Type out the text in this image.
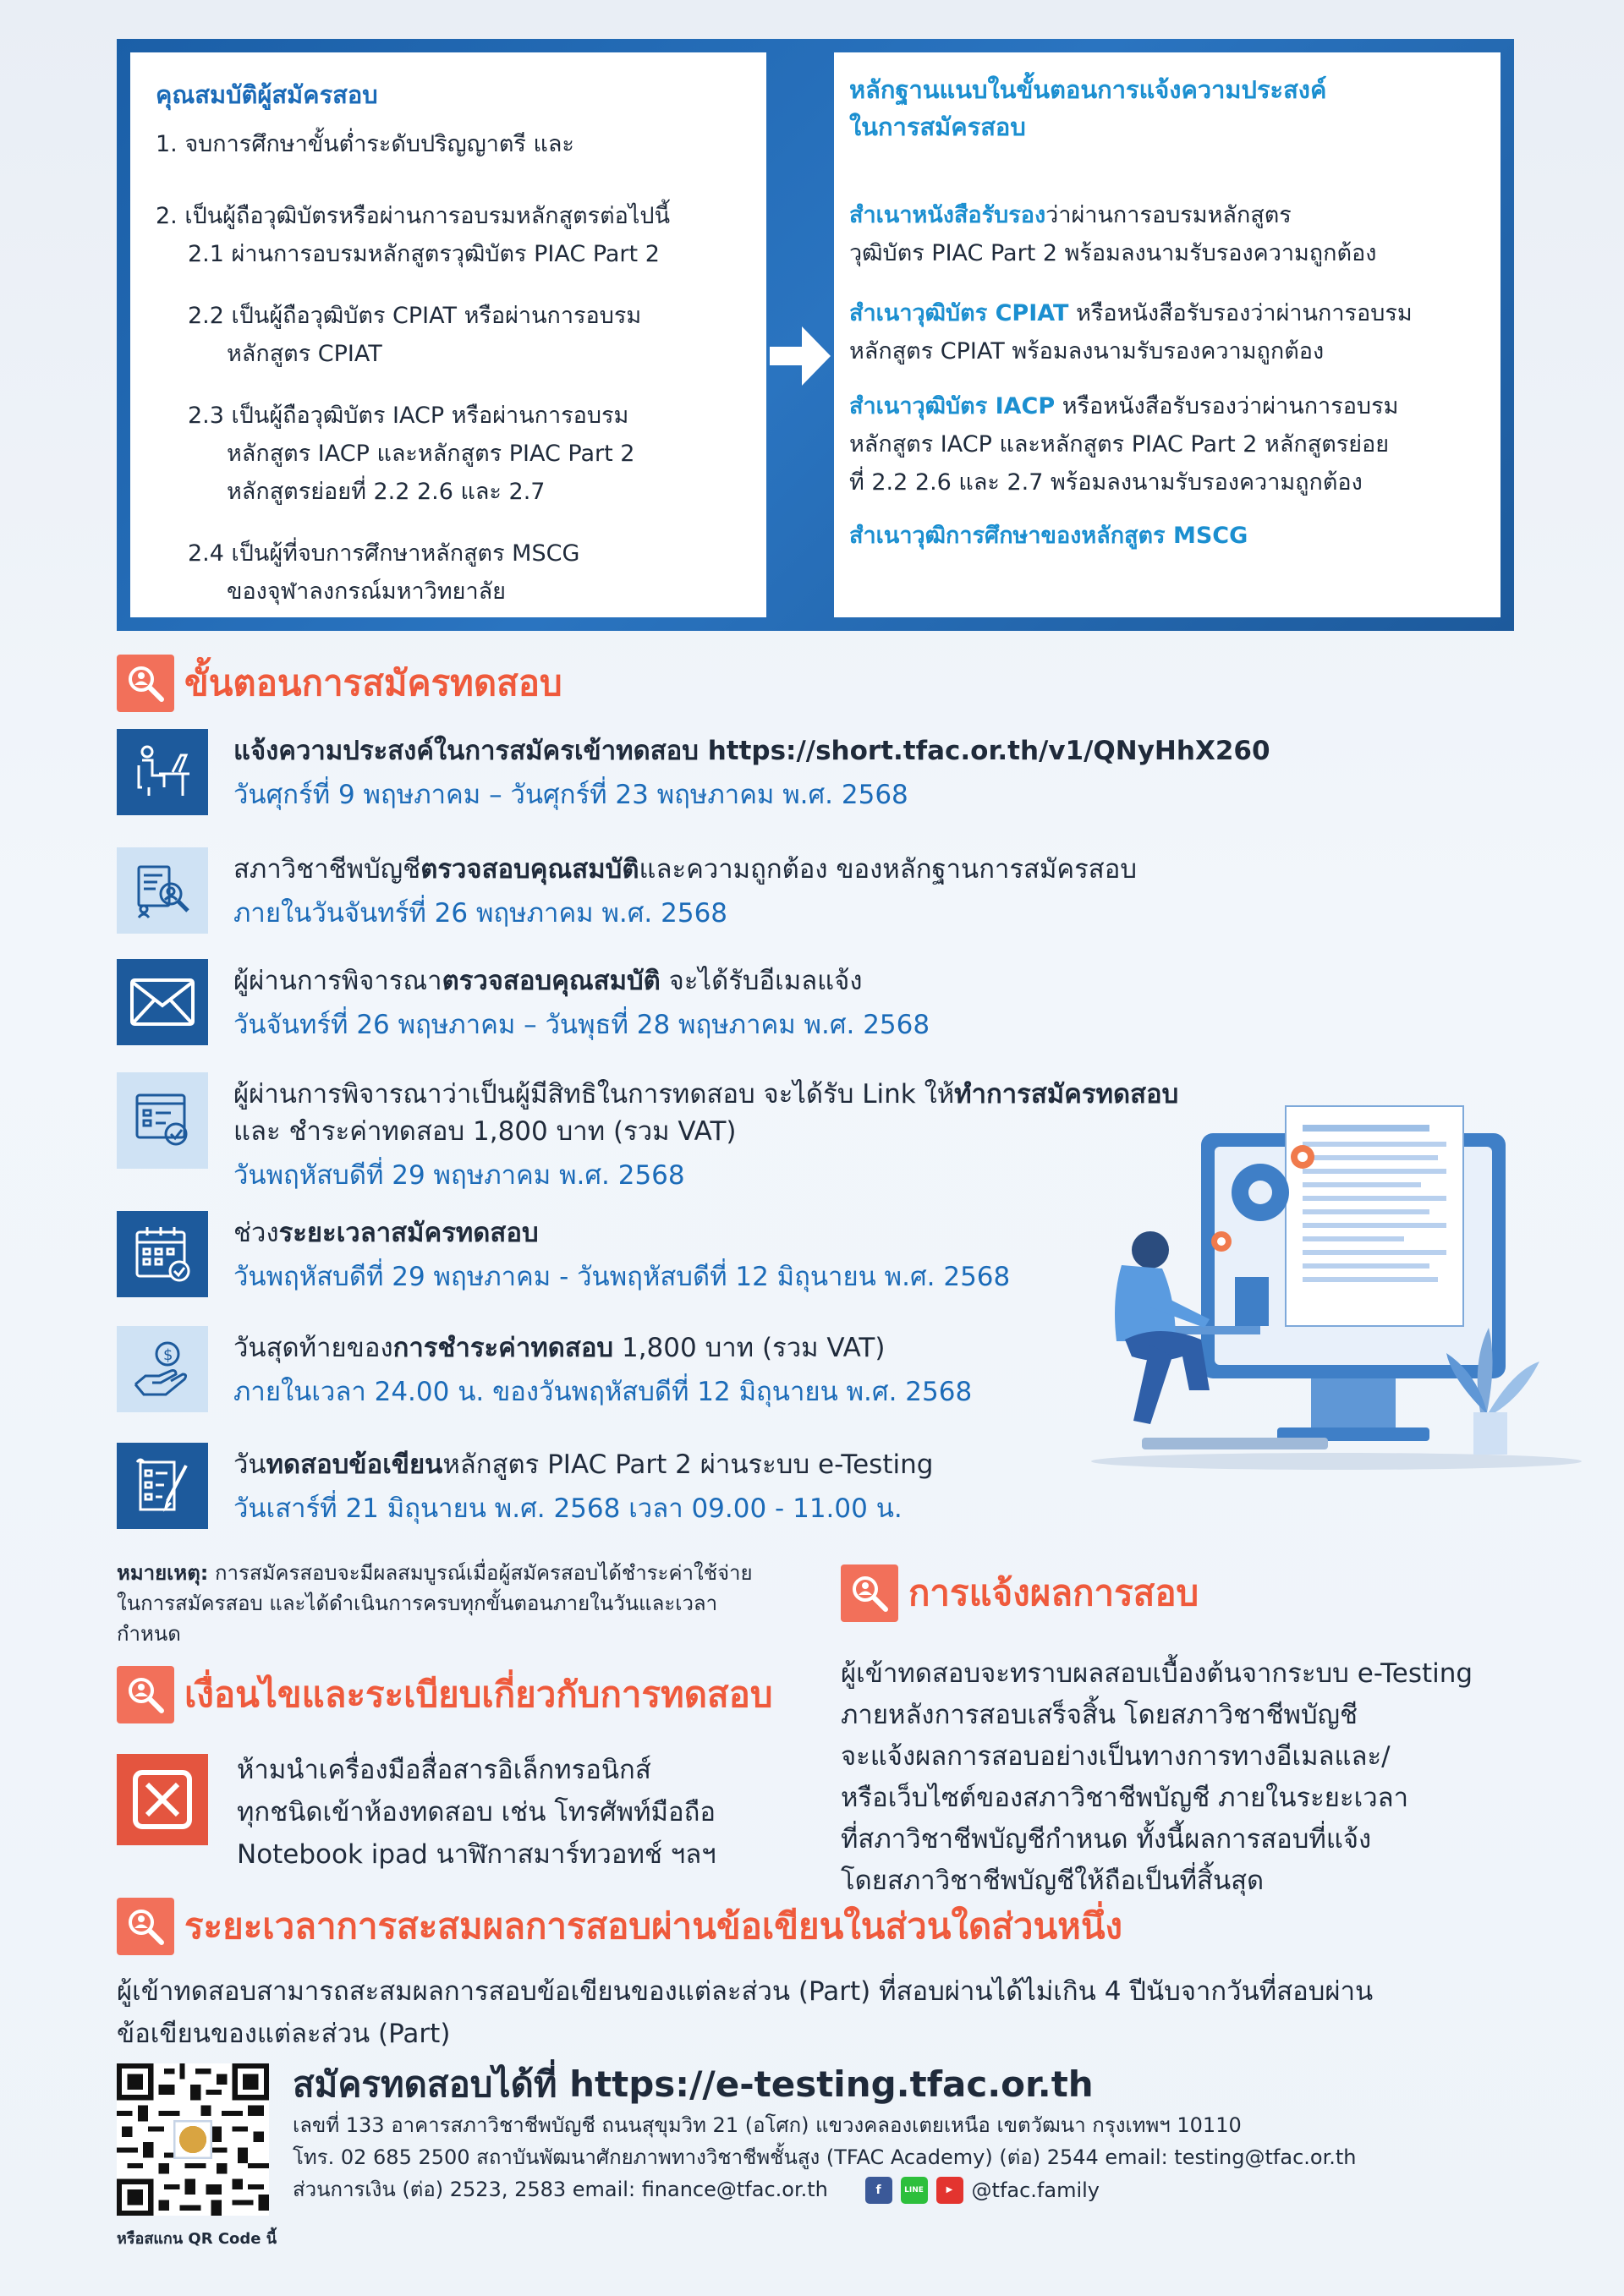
คุณสมบัติผู้สมัครสอบ
1. จบการศึกษาขั้นต่ำระดับปริญญาตรี และ
2. เป็นผู้ถือวุฒิบัตรหรือผ่านการอบรมหลักสูตรต่อไปนี้
2.1 ผ่านการอบรมหลักสูตรวุฒิบัตร PIAC Part 2
2.2 เป็นผู้ถือวุฒิบัตร CPIAT หรือผ่านการอบรม
หลักสูตร CPIAT
2.3 เป็นผู้ถือวุฒิบัตร IACP หรือผ่านการอบรม
หลักสูตร IACP และหลักสูตร PIAC Part 2
หลักสูตรย่อยที่ 2.2 2.6 และ 2.7
2.4 เป็นผู้ที่จบการศึกษาหลักสูตร MSCG
ของจุฬาลงกรณ์มหาวิทยาลัย
หลักฐานแนบในขั้นตอนการแจ้งความประสงค์
ในการสมัครสอบ
สำเนาหนังสือรับรองว่าผ่านการอบรมหลักสูตร
วุฒิบัตร PIAC Part 2 พร้อมลงนามรับรองความถูกต้อง
สำเนาวุฒิบัตร CPIAT หรือหนังสือรับรองว่าผ่านการอบรม
หลักสูตร CPIAT พร้อมลงนามรับรองความถูกต้อง
สำเนาวุฒิบัตร IACP หรือหนังสือรับรองว่าผ่านการอบรม
หลักสูตร IACP และหลักสูตร PIAC Part 2 หลักสูตรย่อย
ที่ 2.2 2.6 และ 2.7 พร้อมลงนามรับรองความถูกต้อง
สำเนาวุฒิการศึกษาของหลักสูตร MSCG
ขั้นตอนการสมัครทดสอบ
แจ้งความประสงค์ในการสมัครเข้าทดสอบ https://short.tfac.or.th/v1/QNyHhX260
วันศุกร์ที่ 9 พฤษภาคม – วันศุกร์ที่ 23 พฤษภาคม พ.ศ. 2568
สภาวิชาชีพบัญชีตรวจสอบคุณสมบัติและความถูกต้อง ของหลักฐานการสมัครสอบ
ภายในวันจันทร์ที่ 26 พฤษภาคม พ.ศ. 2568
ผู้ผ่านการพิจารณาตรวจสอบคุณสมบัติ จะได้รับอีเมลแจ้ง
วันจันทร์ที่ 26 พฤษภาคม – วันพุธที่ 28 พฤษภาคม พ.ศ. 2568
ผู้ผ่านการพิจารณาว่าเป็นผู้มีสิทธิในการทดสอบ จะได้รับ Link ให้ทำการสมัครทดสอบ
และ ชำระค่าทดสอบ 1,800 บาท (รวม VAT)
วันพฤหัสบดีที่ 29 พฤษภาคม พ.ศ. 2568
ช่วงระยะเวลาสมัครทดสอบ
วันพฤหัสบดีที่ 29 พฤษภาคม - วันพฤหัสบดีที่ 12 มิถุนายน พ.ศ. 2568
$ วันสุดท้ายของการชำระค่าทดสอบ 1,800 บาท (รวม VAT)
ภายในเวลา 24.00 น. ของวันพฤหัสบดีที่ 12 มิถุนายน พ.ศ. 2568
วันทดสอบข้อเขียนหลักสูตร PIAC Part 2 ผ่านระบบ e-Testing
วันเสาร์ที่ 21 มิถุนายน พ.ศ. 2568 เวลา 09.00 - 11.00 น.
หมายเหตุ: การสมัครสอบจะมีผลสมบูรณ์เมื่อผู้สมัครสอบได้ชำระค่าใช้จ่ายในการสมัครสอบ และได้ดำเนินการครบทุกขั้นตอนภายในวันและเวลากำหนด
เงื่อนไขและระเบียบเกี่ยวกับการทดสอบ
ห้ามนำเครื่องมือสื่อสารอิเล็กทรอนิกส์
ทุกชนิดเข้าห้องทดสอบ เช่น โทรศัพท์มือถือ
Notebook ipad นาฬิกาสมาร์ทวอทช์ ฯลฯ
การแจ้งผลการสอบ
ผู้เข้าทดสอบจะทราบผลสอบเบื้องต้นจากระบบ e-Testing
ภายหลังการสอบเสร็จสิ้น โดยสภาวิชาชีพบัญชี
จะแจ้งผลการสอบอย่างเป็นทางการทางอีเมลและ/
หรือเว็บไซต์ของสภาวิชาชีพบัญชี ภายในระยะเวลา
ที่สภาวิชาชีพบัญชีกำหนด ทั้งนี้ผลการสอบที่แจ้ง
โดยสภาวิชาชีพบัญชีให้ถือเป็นที่สิ้นสุด
ระยะเวลาการสะสมผลการสอบผ่านข้อเขียนในส่วนใดส่วนหนึ่ง
ผู้เข้าทดสอบสามารถสะสมผลการสอบข้อเขียนของแต่ละส่วน (Part) ที่สอบผ่านได้ไม่เกิน 4 ปีนับจากวันที่สอบผ่าน
ข้อเขียนของแต่ละส่วน (Part)
หรือสแกน QR Code นี้
สมัครทดสอบได้ที่ https://e-testing.tfac.or.th
เลขที่ 133 อาคารสภาวิชาชีพบัญชี ถนนสุขุมวิท 21 (อโศก) แขวงคลองเตยเหนือ เขตวัฒนา กรุงเทพฯ 10110
โทร. 02 685 2500 สถาบันพัฒนาศักยภาพทางวิชาชีพชั้นสูง (TFAC Academy) (ต่อ) 2544 email: testing@tfac.or.th
ส่วนการเงิน (ต่อ) 2523, 2583 email: finance@tfac.or.th	f	LINE	▶ @tfac.family
